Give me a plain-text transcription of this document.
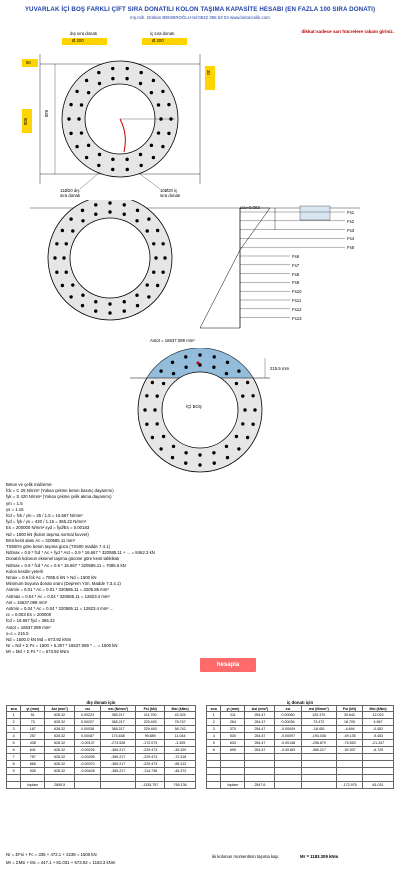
YUVARLAK İÇİ BOŞ FARKLI ÇİFT SIRA DONATILI KOLON TAŞIMA KAPASİTE HESABI (EN FAZLA 100 SIRA DONATI)
Inş.mih. Gürkan BEKBIROĞLU-tel:0532 356 63 04 www.betoncelik.com
dikkat:sadece sarı hücrelere rakam giriniz.
dış sıra donatı	iç sıra donatı
Ø 200	Ø 200
50
800
840
30
İÇİ BOŞ
11Ø20 dış
sıra donatı
10Ø20 iç
sıra donatı
εcu=0.003
İÇİ BOŞ
Fs1
Fs2
Fs3
Fs4
Fs5
Fs6
Fs7
Fs8
Fs9
Fs10
Fs11
Fs12
Fs13
Astot = 16537.089 mm²
215.5 mm
İÇİ BOŞ
Beton ve çelik malzeme:
fck = C 25 N/mm² (Yoksa çekme beton basınç dayanımı)
fyk = S 420 N/mm² (Yoksa çekme çelik akma dayanımı)
γm = 1.5
γs = 1.15
fcd = fck / γm = 25 / 1.5 = 16.667 N/mm²
fyd = fyk / γs = 420 / 1.15 = 365.22 N/mm²
Es = 200000 N/mm² εyd = fyd/Es = 0.00183
Nd = 1500 kN (kolon taşıma normal kuvvet)
Brüt kesit alanı Ac = 320585.11 mm²
TS500'e göre beton taşıma gücü (TS500 madde 7.4.1)
Ndmax = 0.9 * fcd * Ac + fyd * Ast = 0.9 * 16.667 * 320585.11 + ... = 8462.3 kN
Donatılı kolonun eksenel taşıma gücüne göre kesit tahkikatı
Ndmax = 0.6 * fcd * Ac = 0.6 * 16.667 * 320585.11 = 7085.6 kN
Kolon kesitin yeterli
Nmax = 0.6 fck Ac = 7085.6 kN > Nd = 1500 kN
Minimum boyuna donatı oranı (Deprem Yön. Madde 7.3.4.1)
Astmin = 0.01 * Ac = 0.01 * 320585.11 = 3205.85 mm²
Astmax = 0.04 * Ac = 0.04 * 320585.11 = 12823.4 mm²
Ast = 16537.089 mm²
Astmin = 0.04 * Ac = 0.04 * 320585.11 = 12823.4 mm² ...
εc = 0.003 Es = 200000
fcd = 16.667 fyd = 365.22
Astot = 16537.089 mm²
x=c = 215.5
Nd = 1500.0 kN Md = 673.92 kNm
Nr = Nd + Σ Fs = 1500 + 6.307 * 16537.089 * ... = 1500 kN
Mr = Md + Σ Fs * r = 673.92 kNm
hesapla
dış donatı için
sıra	yi (mm)	Asi (mm²)	εsi	σsi (N/mm²)	Fsi (kN)	Msi (kNm)
1	51	628.32	0.00223	365.217	114.750	43.325
2	73	628.32	0.00207	365.217	229.493	78.747
3	187	628.32	0.00038	365.217	229.493	58.742
4	257	628.32	0.00087	174.638	99.889	11.044
5	438	628.32	-0.00137	-273.528	-172.073	-3.305
6	641	628.32	-0.00225	-365.217	-229.473	-35.320
7	757	628.32	-0.00295	-365.217	-229.473	-72.318
8	866	628.32	-0.00370	-365.217	-229.473	-98.312
9	935	628.32	-0.00428	-365.217	-114.736	-46.372

	toplam	2895.5			-1335.757	765.136
iç donatı için
sıra	yi (mm)	Asi (mm²)	εsi	σsi (N/mm²)	Fsi (kN)	Msi (kNm)
1	211	254.47	0.00060	120.370	30.642	12.023
2	264	254.47	0.00036	73.472	18.705	4.967
3	370	254.47	-0.00009	-18.451	-4.694	-0.452
4	530	254.47	-0.00097	-193.038	-49.135	-9.453
5	634	254.47	-0.00148	-296.870	-75.553	-21.347
6	690	254.47	-0.00183	-365.217	-92.937	-6.729

	toplam	2547.6			-172.975	81.031
Nr = ΣFsi + Fc = 335 + 472.1 + 2238 = 1500 kN
Mr = ΣMsi + Mc = 447.1 + 81.031 + 673.92 = 1183.3 kNm
iki kolonun momentinin taşıma kap.	Mr = 1183.309 kNm
